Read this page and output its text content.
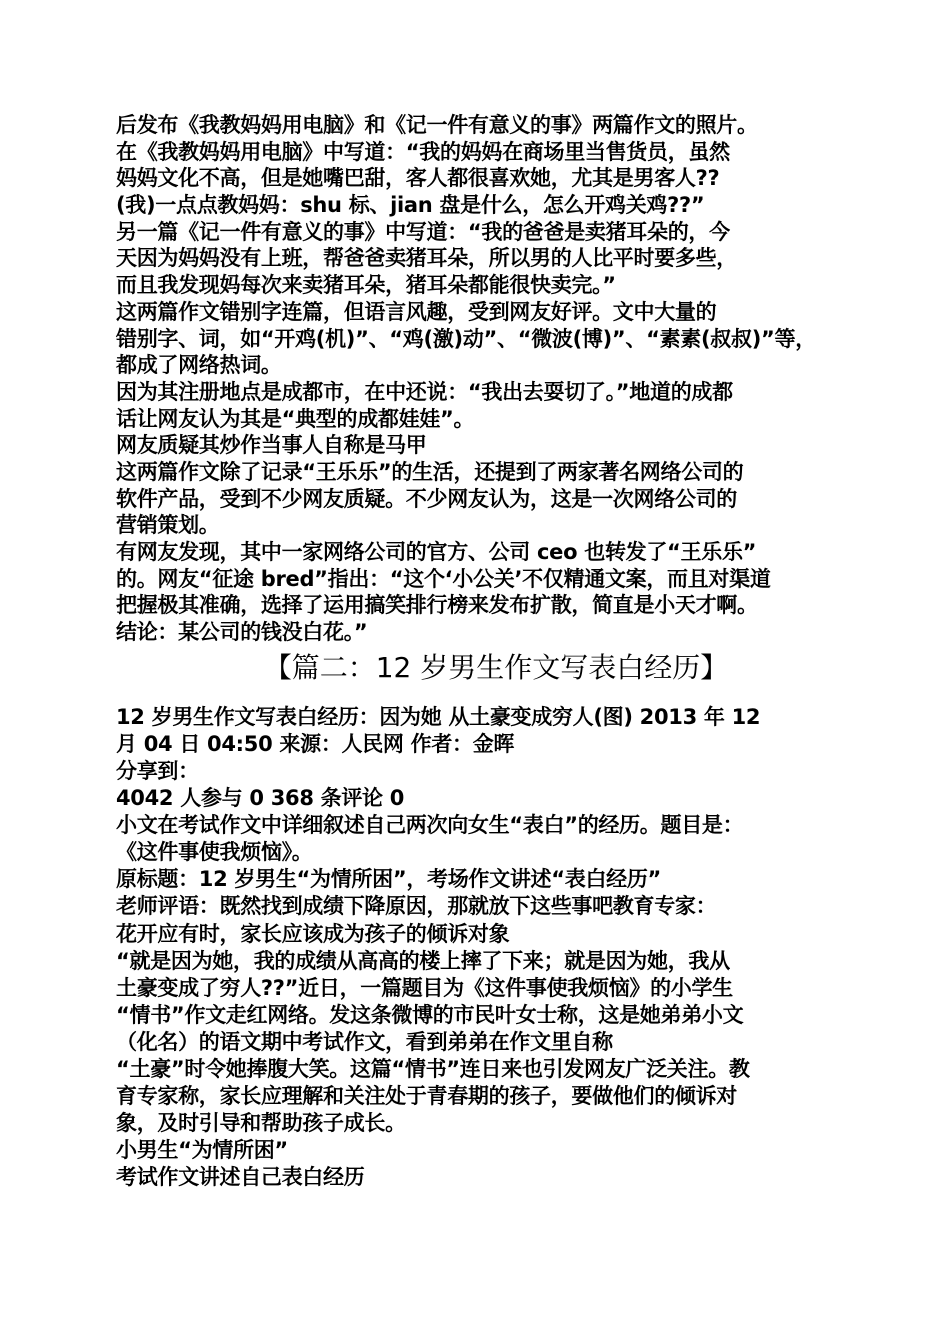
后发布《我教妈妈用电脑》和《记一件有意义的事》两篇作文的照片。
在《我教妈妈用电脑》中写道：“我的妈妈在商场里当售货员，虽然
妈妈文化不高，但是她嘴巴甜，客人都很喜欢她，尤其是男客人??
(我)一点点教妈妈：shu 标、jian 盘是什么，怎么开鸡关鸡??”
另一篇《记一件有意义的事》中写道：“我的爸爸是卖猪耳朵的，今
天因为妈妈没有上班，帮爸爸卖猪耳朵，所以男的人比平时要多些，
而且我发现妈每次来卖猪耳朵，猪耳朵都能很快卖完。”
这两篇作文错别字连篇，但语言风趣，受到网友好评。文中大量的
错别字、词，如“开鸡(机)”、“鸡(激)动”、“微波(博)”、“素素(叔叔)”等，
都成了网络热词。
因为其注册地点是成都市，在中还说：“我出去耍切了。”地道的成都
话让网友认为其是“典型的成都娃娃”。
网友质疑其炒作当事人自称是马甲
这两篇作文除了记录“王乐乐”的生活，还提到了两家著名网络公司的
软件产品，受到不少网友质疑。不少网友认为，这是一次网络公司的
营销策划。
有网友发现，其中一家网络公司的官方、公司 ceo 也转发了“王乐乐”
的。网友“征途 bred”指出：“这个‘小公关’不仅精通文案，而且对渠道
把握极其准确，选择了运用搞笑排行榜来发布扩散，简直是小天才啊。
结论：某公司的钱没白花。”
【篇二：12 岁男生作文写表白经历】
12 岁男生作文写表白经历：因为她 从土豪变成穷人(图) 2013 年 12
月 04 日 04:50 来源：人民网 作者：金晖
分享到：
4042 人参与 0 368 条评论 0
小文在考试作文中详细叙述自己两次向女生“表白”的经历。题目是：
《这件事使我烦恼》。
原标题：12 岁男生“为情所困”，考场作文讲述“表白经历”
老师评语：既然找到成绩下降原因，那就放下这些事吧教育专家：
花开应有时，家长应该成为孩子的倾诉对象
“就是因为她，我的成绩从高高的楼上摔了下来；就是因为她，我从
土豪变成了穷人??”近日，一篇题目为《这件事使我烦恼》的小学生
“情书”作文走红网络。发这条微博的市民叶女士称，这是她弟弟小文
（化名）的语文期中考试作文，看到弟弟在作文里自称
“土豪”时令她捧腹大笑。这篇“情书”连日来也引发网友广泛关注。教
育专家称，家长应理解和关注处于青春期的孩子，要做他们的倾诉对
象，及时引导和帮助孩子成长。
小男生“为情所困”
考试作文讲述自己表白经历
